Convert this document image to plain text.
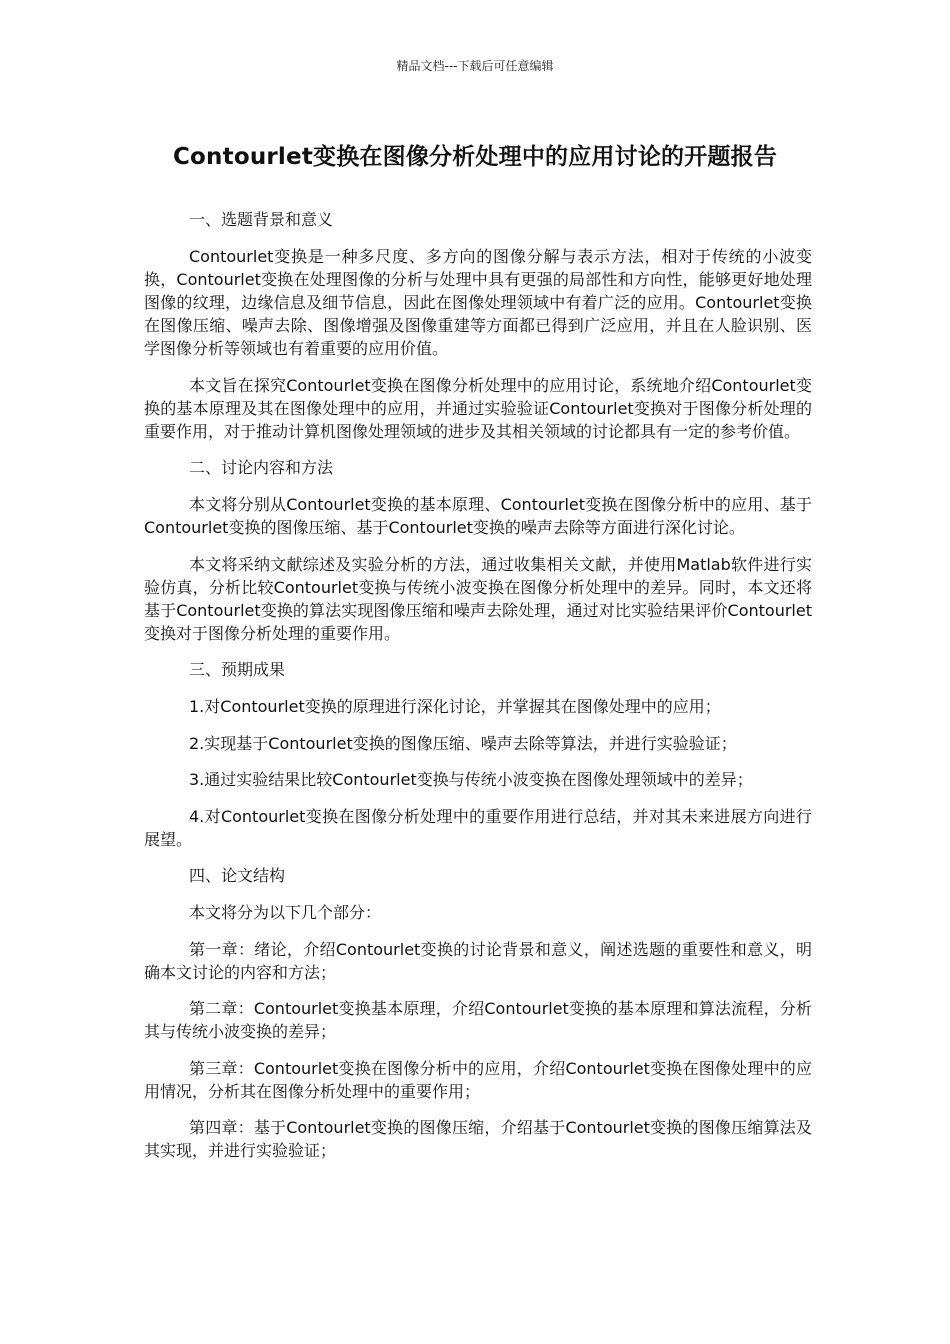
精品文档---下载后可任意编辑
Contourlet变换在图像分析处理中的应用讨论的开题报告

一、选题背景和意义

Contourlet变换是一种多尺度、多方向的图像分解与表示方法，相对于传统的小波变换，Contourlet变换在处理图像的分析与处理中具有更强的局部性和方向性，能够更好地处理图像的纹理，边缘信息及细节信息，因此在图像处理领域中有着广泛的应用。Contourlet变换在图像压缩、噪声去除、图像增强及图像重建等方面都已得到广泛应用，并且在人脸识别、医学图像分析等领域也有着重要的应用价值。

本文旨在探究Contourlet变换在图像分析处理中的应用讨论，系统地介绍Contourlet变换的基本原理及其在图像处理中的应用，并通过实验验证Contourlet变换对于图像分析处理的重要作用，对于推动计算机图像处理领域的进步及其相关领域的讨论都具有一定的参考价值。

二、讨论内容和方法

本文将分别从Contourlet变换的基本原理、Contourlet变换在图像分析中的应用、基于Contourlet变换的图像压缩、基于Contourlet变换的噪声去除等方面进行深化讨论。

本文将采纳文献综述及实验分析的方法，通过收集相关文献，并使用Matlab软件进行实验仿真，分析比较Contourlet变换与传统小波变换在图像分析处理中的差异。同时，本文还将基于Contourlet变换的算法实现图像压缩和噪声去除处理，通过对比实验结果评价Contourlet变换对于图像分析处理的重要作用。

三、预期成果

1.对Contourlet变换的原理进行深化讨论，并掌握其在图像处理中的应用；

2.实现基于Contourlet变换的图像压缩、噪声去除等算法，并进行实验验证；

3.通过实验结果比较Contourlet变换与传统小波变换在图像处理领域中的差异；

4.对Contourlet变换在图像分析处理中的重要作用进行总结，并对其未来进展方向进行展望。

四、论文结构

本文将分为以下几个部分：

第一章：绪论，介绍Contourlet变换的讨论背景和意义，阐述选题的重要性和意义，明确本文讨论的内容和方法；

第二章：Contourlet变换基本原理，介绍Contourlet变换的基本原理和算法流程，分析其与传统小波变换的差异；

第三章：Contourlet变换在图像分析中的应用，介绍Contourlet变换在图像处理中的应用情况，分析其在图像分析处理中的重要作用；

第四章：基于Contourlet变换的图像压缩，介绍基于Contourlet变换的图像压缩算法及其实现，并进行实验验证；
